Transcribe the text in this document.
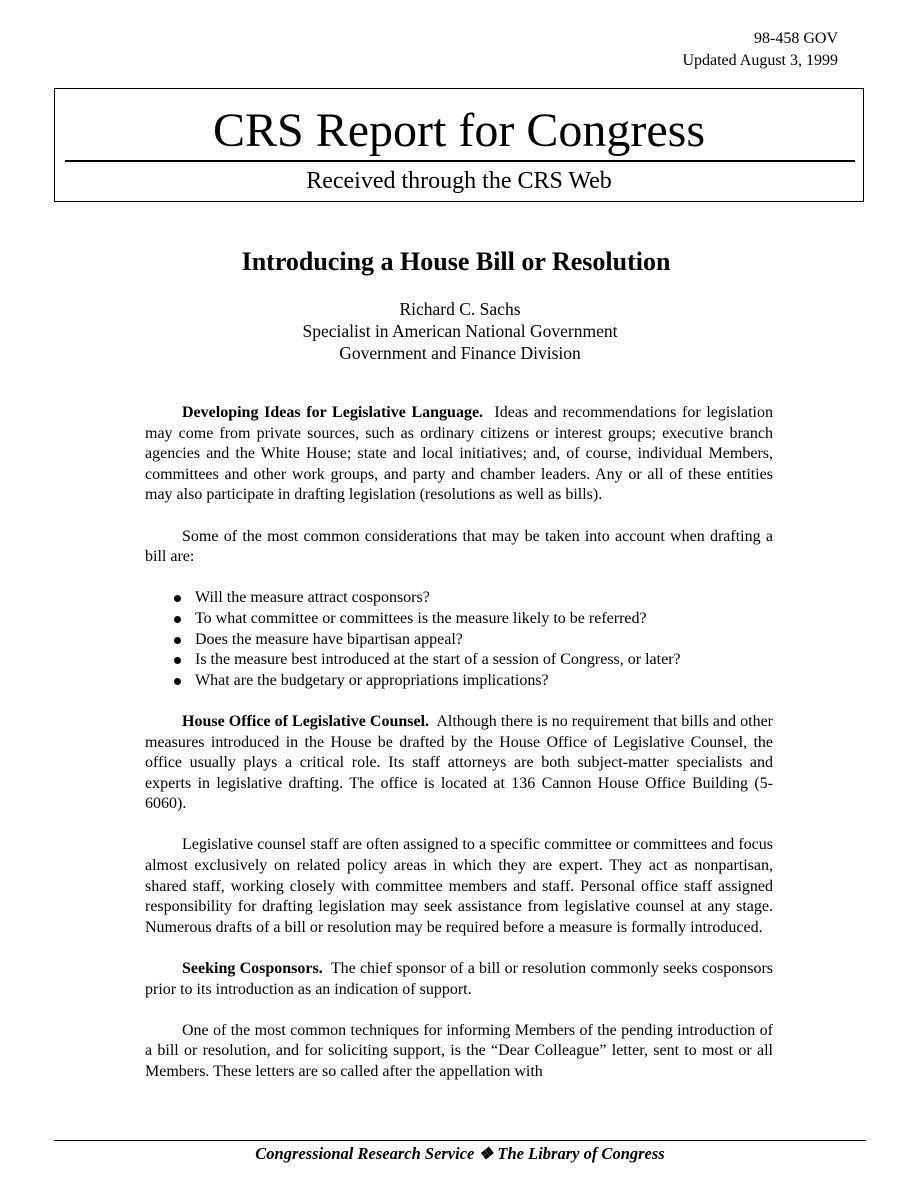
98-458 GOV
Updated August 3, 1999
CRS Report for Congress
Received through the CRS Web
Introducing a House Bill or Resolution
Richard C. Sachs
Specialist in American National Government
Government and Finance Division

Developing Ideas for Legislative Language. Ideas and recommendations for legislation may come from private sources, such as ordinary citizens or interest groups; executive branch agencies and the White House; state and local initiatives; and, of course, individual Members, committees and other work groups, and party and chamber leaders. Any or all of these entities may also participate in drafting legislation (resolutions as well as bills).

Some of the most common considerations that may be taken into account when drafting a bill are:

Will the measure attract cosponsors?
To what committee or committees is the measure likely to be referred?
Does the measure have bipartisan appeal?
Is the measure best introduced at the start of a session of Congress, or later?
What are the budgetary or appropriations implications?

House Office of Legislative Counsel. Although there is no requirement that bills and other measures introduced in the House be drafted by the House Office of Legislative Counsel, the office usually plays a critical role. Its staff attorneys are both subject-matter specialists and experts in legislative drafting. The office is located at 136 Cannon House Office Building (5-6060).

Legislative counsel staff are often assigned to a specific committee or committees and focus almost exclusively on related policy areas in which they are expert. They act as nonpartisan, shared staff, working closely with committee members and staff. Personal office staff assigned responsibility for drafting legislation may seek assistance from legislative counsel at any stage. Numerous drafts of a bill or resolution may be required before a measure is formally introduced.

Seeking Cosponsors. The chief sponsor of a bill or resolution commonly seeks cosponsors prior to its introduction as an indication of support.

One of the most common techniques for informing Members of the pending introduction of a bill or resolution, and for soliciting support, is the “Dear Colleague” letter, sent to most or all Members. These letters are so called after the appellation with

Congressional Research Service ❖ The Library of Congress
